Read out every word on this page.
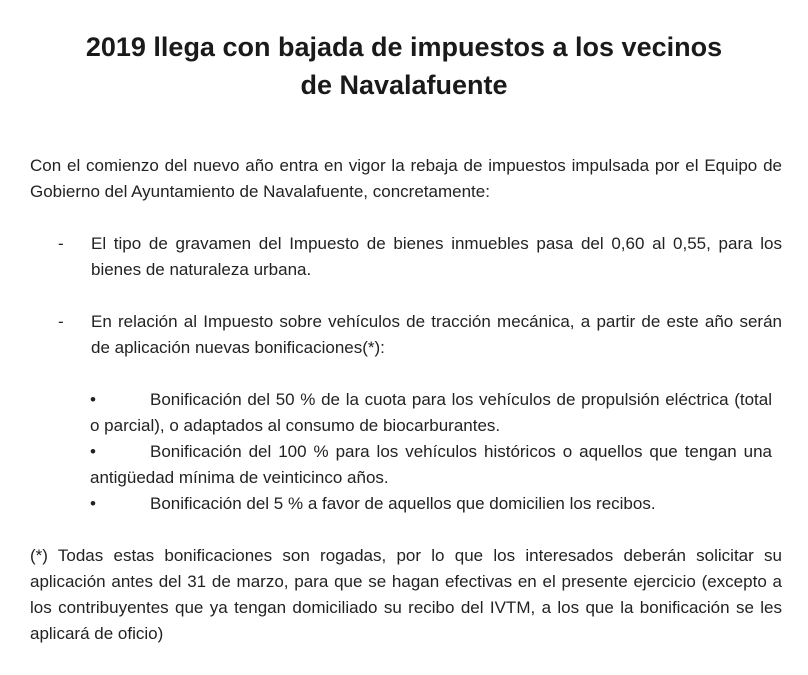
2019 llega con bajada de impuestos a los vecinos
de Navalafuente

Con el comienzo del nuevo año entra en vigor la rebaja de impuestos impulsada por el Equipo de Gobierno del Ayuntamiento de Navalafuente, concretamente:

- El tipo de gravamen del Impuesto de bienes inmuebles pasa del 0,60 al 0,55, para los bienes de naturaleza urbana.
- En relación al Impuesto sobre vehículos de tracción mecánica, a partir de este año serán de aplicación nuevas bonificaciones(*):
•	Bonificación del 50 % de la cuota para los vehículos de propulsión eléctrica (total o parcial), o adaptados al consumo de biocarburantes.
•	Bonificación del 100 % para los vehículos históricos o aquellos que tengan una antigüedad mínima de veinticinco años.
•	Bonificación del 5 % a favor de aquellos que domicilien los recibos.

(*) Todas estas bonificaciones son rogadas, por lo que los interesados deberán solicitar su aplicación antes del 31 de marzo, para que se hagan efectivas en el presente ejercicio (excepto a los contribuyentes que ya tengan domiciliado su recibo del IVTM, a los que la bonificación se les aplicará de oficio)
